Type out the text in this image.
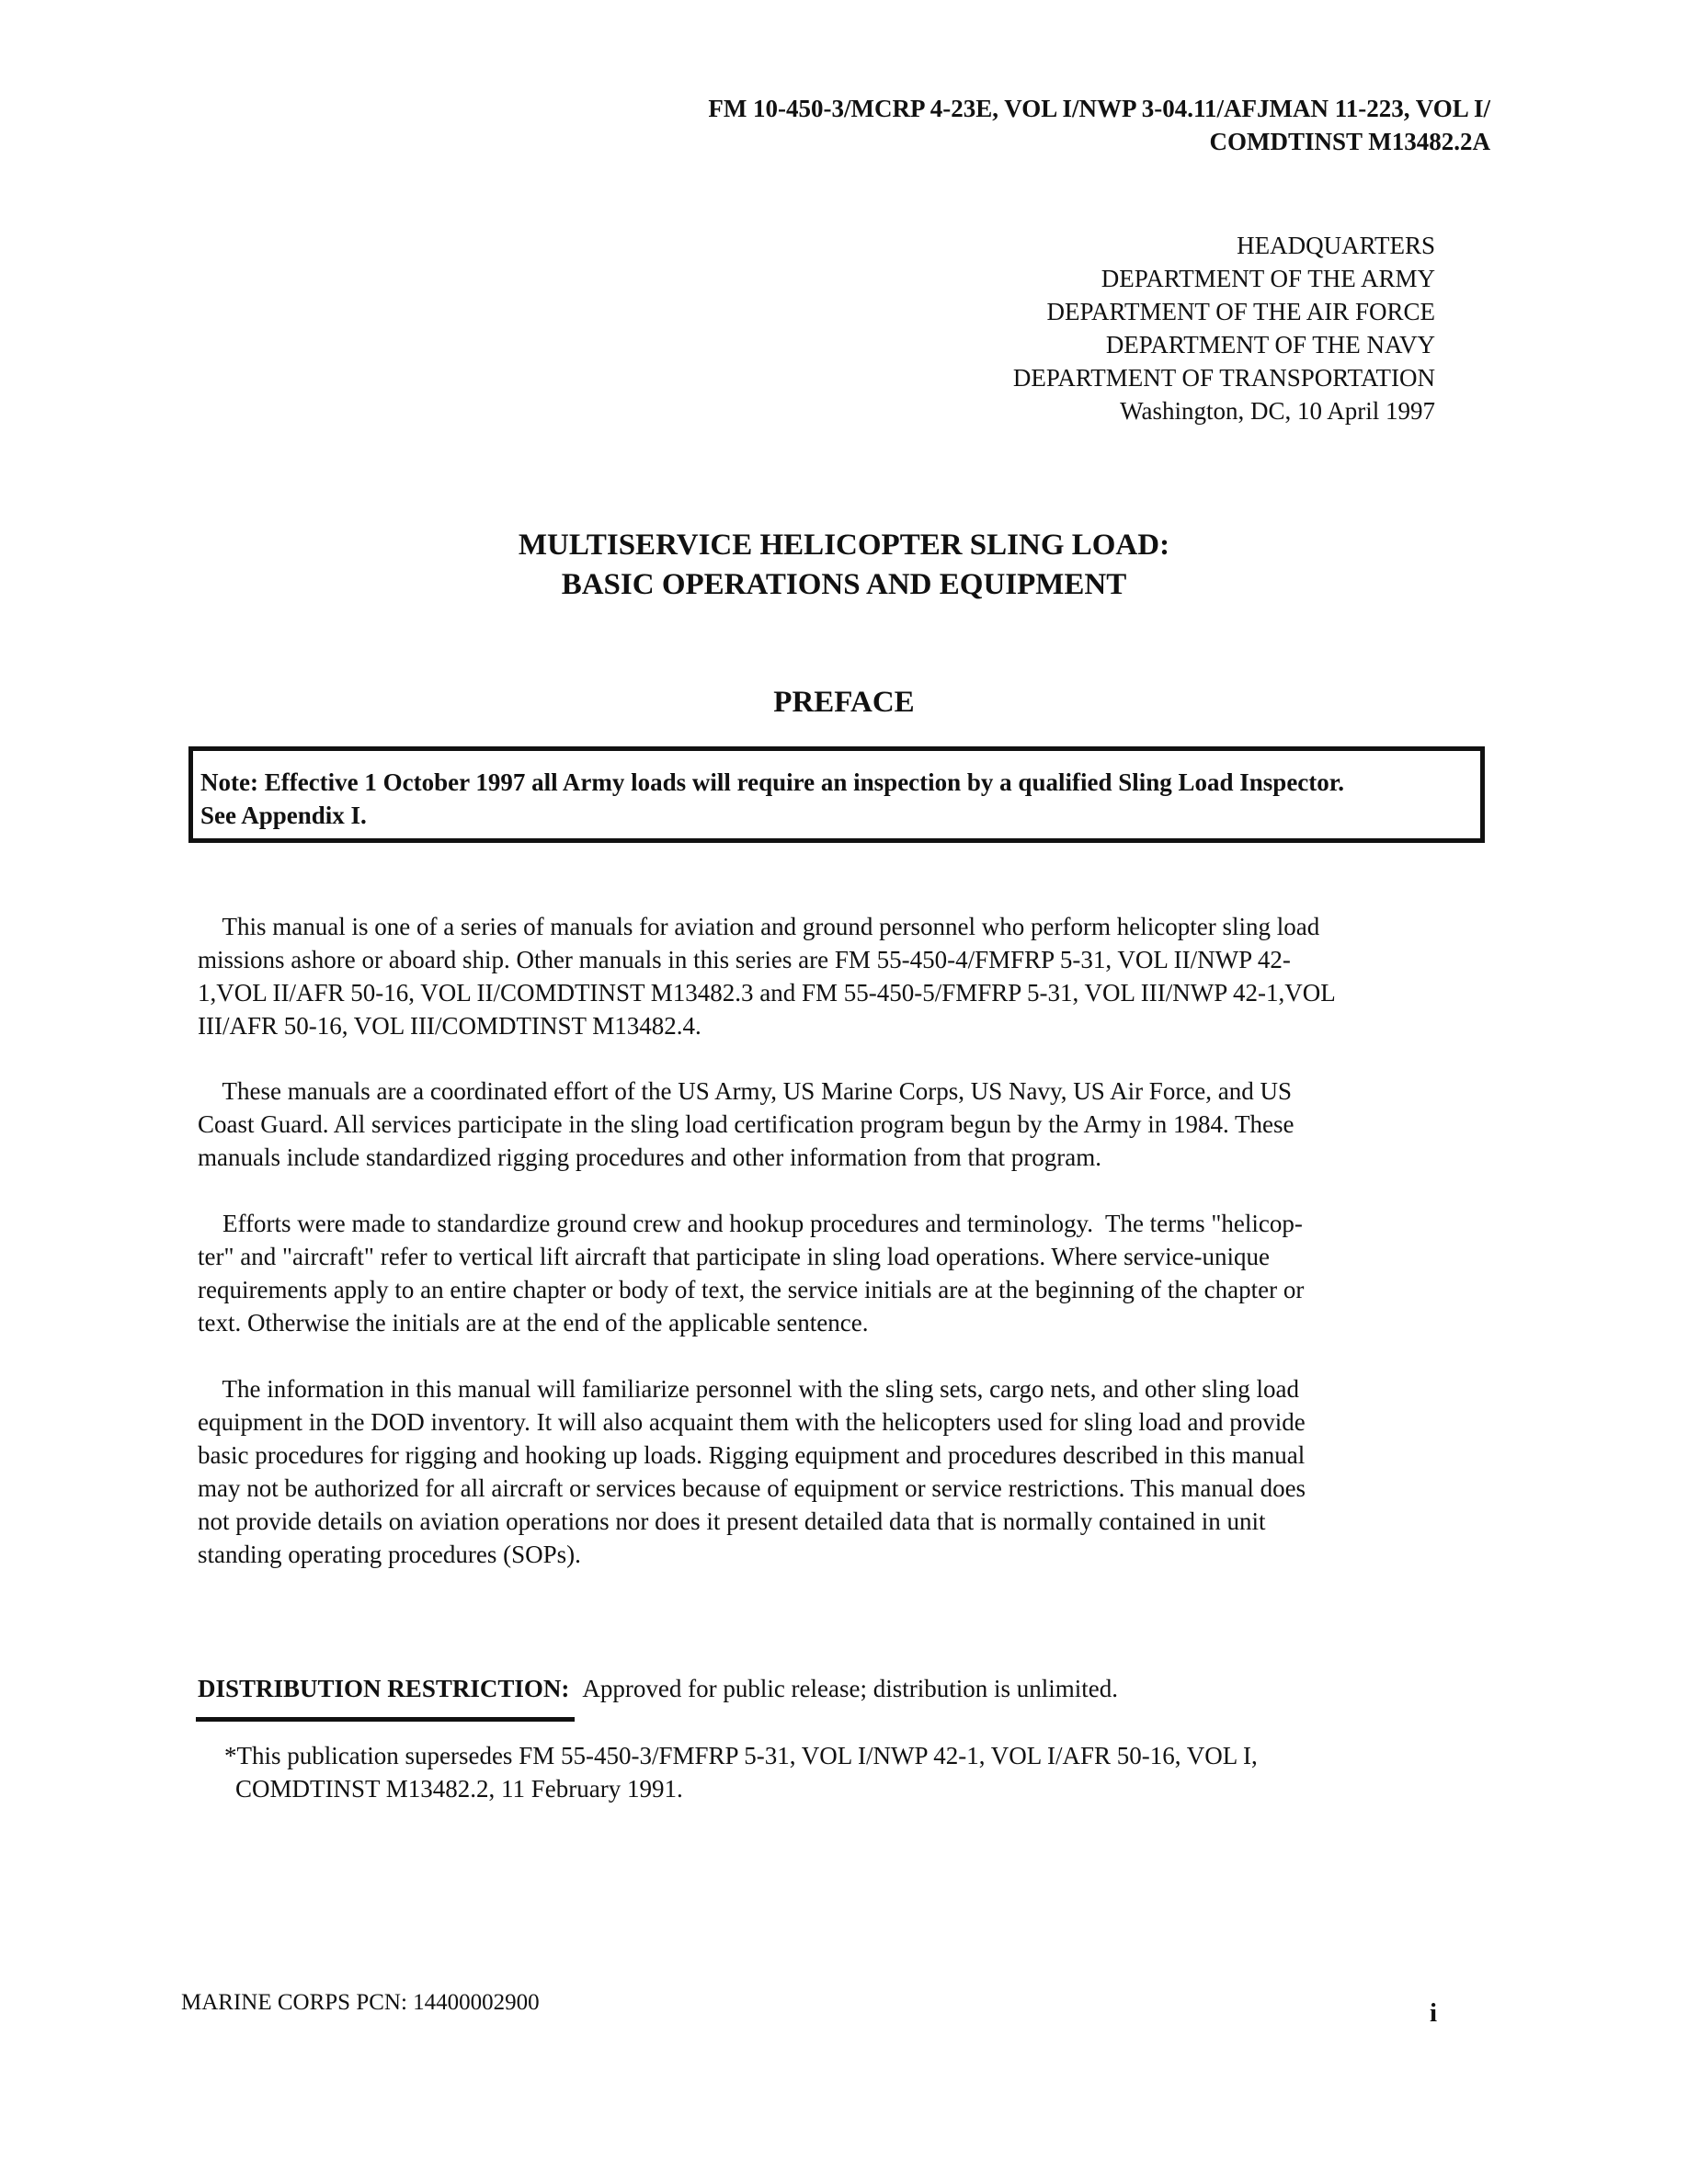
FM 10-450-3/MCRP 4-23E, VOL I/NWP 3-04.11/AFJMAN 11-223, VOL I/
COMDTINST M13482.2A
HEADQUARTERS
DEPARTMENT OF THE ARMY
DEPARTMENT OF THE AIR FORCE
DEPARTMENT OF THE NAVY
DEPARTMENT OF TRANSPORTATION
Washington, DC, 10 April 1997
MULTISERVICE HELICOPTER SLING LOAD:
BASIC OPERATIONS AND EQUIPMENT
PREFACE
Note: Effective 1 October 1997 all Army loads will require an inspection by a qualified Sling Load Inspector.
See Appendix I.
This manual is one of a series of manuals for aviation and ground personnel who perform helicopter sling load
missions ashore or aboard ship. Other manuals in this series are FM 55-450-4/FMFRP 5-31, VOL II/NWP 42-
1,VOL II/AFR 50-16, VOL II/COMDTINST M13482.3 and FM 55-450-5/FMFRP 5-31, VOL III/NWP 42-1,VOL
III/AFR 50-16, VOL III/COMDTINST M13482.4.
These manuals are a coordinated effort of the US Army, US Marine Corps, US Navy, US Air Force, and US
Coast Guard. All services participate in the sling load certification program begun by the Army in 1984. These
manuals include standardized rigging procedures and other information from that program.
Efforts were made to standardize ground crew and hookup procedures and terminology.  The terms "helicop-
ter" and "aircraft" refer to vertical lift aircraft that participate in sling load operations. Where service-unique
requirements apply to an entire chapter or body of text, the service initials are at the beginning of the chapter or
text. Otherwise the initials are at the end of the applicable sentence.
The information in this manual will familiarize personnel with the sling sets, cargo nets, and other sling load
equipment in the DOD inventory. It will also acquaint them with the helicopters used for sling load and provide
basic procedures for rigging and hooking up loads. Rigging equipment and procedures described in this manual
may not be authorized for all aircraft or services because of equipment or service restrictions. This manual does
not provide details on aviation operations nor does it present detailed data that is normally contained in unit
standing operating procedures (SOPs).
DISTRIBUTION RESTRICTION: Approved for public release; distribution is unlimited.
*This publication supersedes FM 55-450-3/FMFRP 5-31, VOL I/NWP 42-1, VOL I/AFR 50-16, VOL I,
COMDTINST M13482.2, 11 February 1991.
MARINE CORPS PCN: 14400002900	i
